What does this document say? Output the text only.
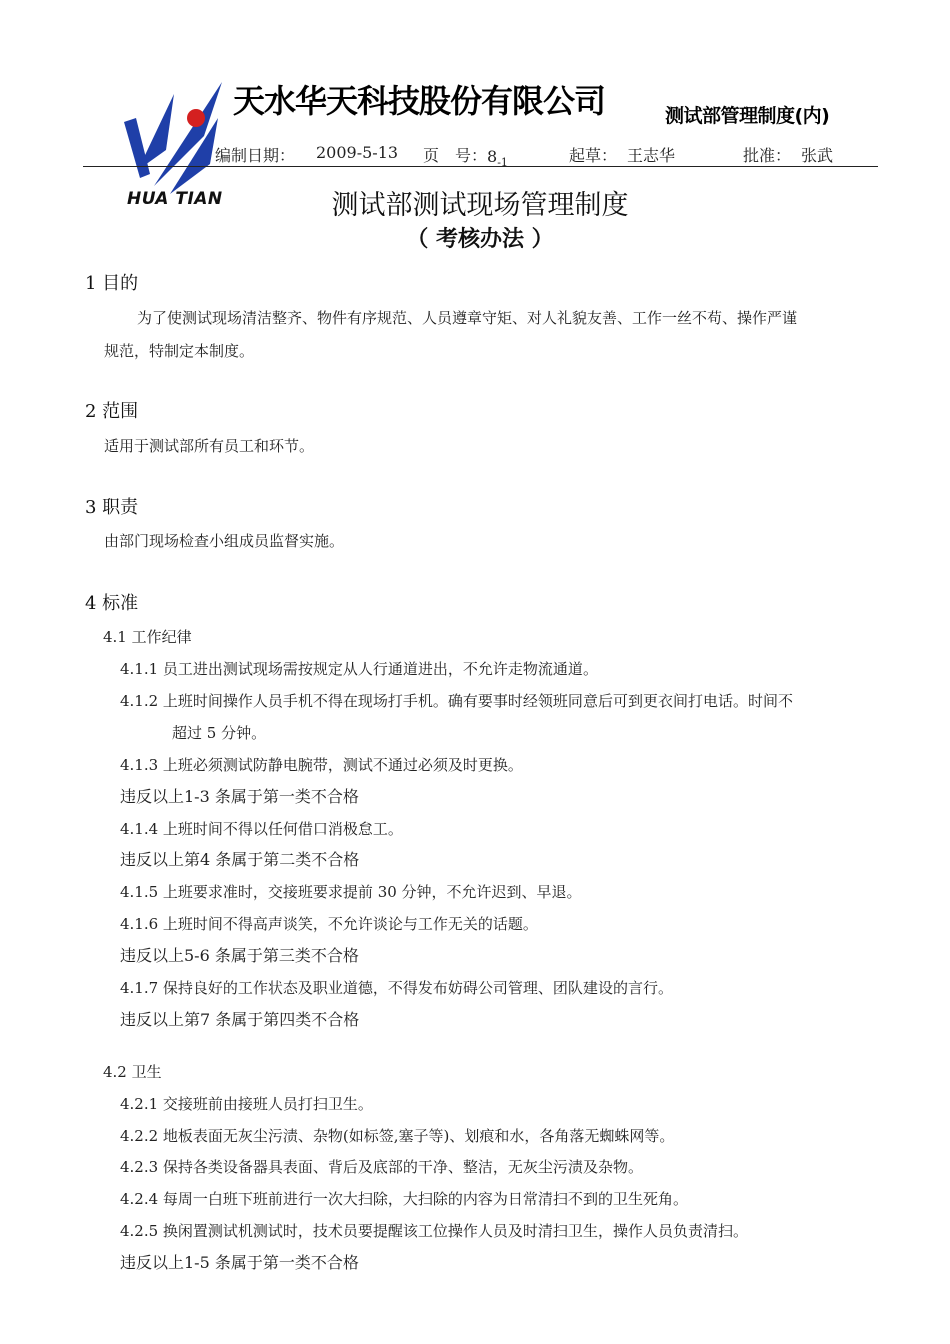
HUA TIAN
天水华天科技股份有限公司	测试部管理制度(内)
编制日期： 2009-5-13 页　号： $8_{-1}$	起草： 王志华	批准： 张武
测试部测试现场管理制度
（ 考核办法 ）
1 目的
为了使测试现场清洁整齐、物件有序规范、人员遵章守矩、对人礼貌友善、工作一丝不苟、操作严谨
规范，特制定本制度。
2 范围
适用于测试部所有员工和环节。
3 职责
由部门现场检查小组成员监督实施。
4 标准
4.1 工作纪律
4.1.1 员工进出测试现场需按规定从人行通道进出，不允许走物流通道。
4.1.2 上班时间操作人员手机不得在现场打手机。确有要事时经领班同意后可到更衣间打电话。时间不
超过 5 分钟。
4.1.3 上班必须测试防静电腕带，测试不通过必须及时更换。
违反以上1-3 条属于第一类不合格
4.1.4 上班时间不得以任何借口消极怠工。
违反以上第4 条属于第二类不合格
4.1.5 上班要求准时，交接班要求提前 30 分钟，不允许迟到、早退。
4.1.6 上班时间不得高声谈笑，不允许谈论与工作无关的话题。
违反以上5-6 条属于第三类不合格
4.1.7 保持良好的工作状态及职业道德，不得发布妨碍公司管理、团队建设的言行。
违反以上第7 条属于第四类不合格
4.2 卫生
4.2.1 交接班前由接班人员打扫卫生。
4.2.2 地板表面无灰尘污渍、杂物(如标签,塞子等)、划痕和水，各角落无蜘蛛网等。
4.2.3 保持各类设备器具表面、背后及底部的干净、整洁，无灰尘污渍及杂物。
4.2.4 每周一白班下班前进行一次大扫除，大扫除的内容为日常清扫不到的卫生死角。
4.2.5 换闲置测试机测试时，技术员要提醒该工位操作人员及时清扫卫生，操作人员负责清扫。
违反以上1-5 条属于第一类不合格
